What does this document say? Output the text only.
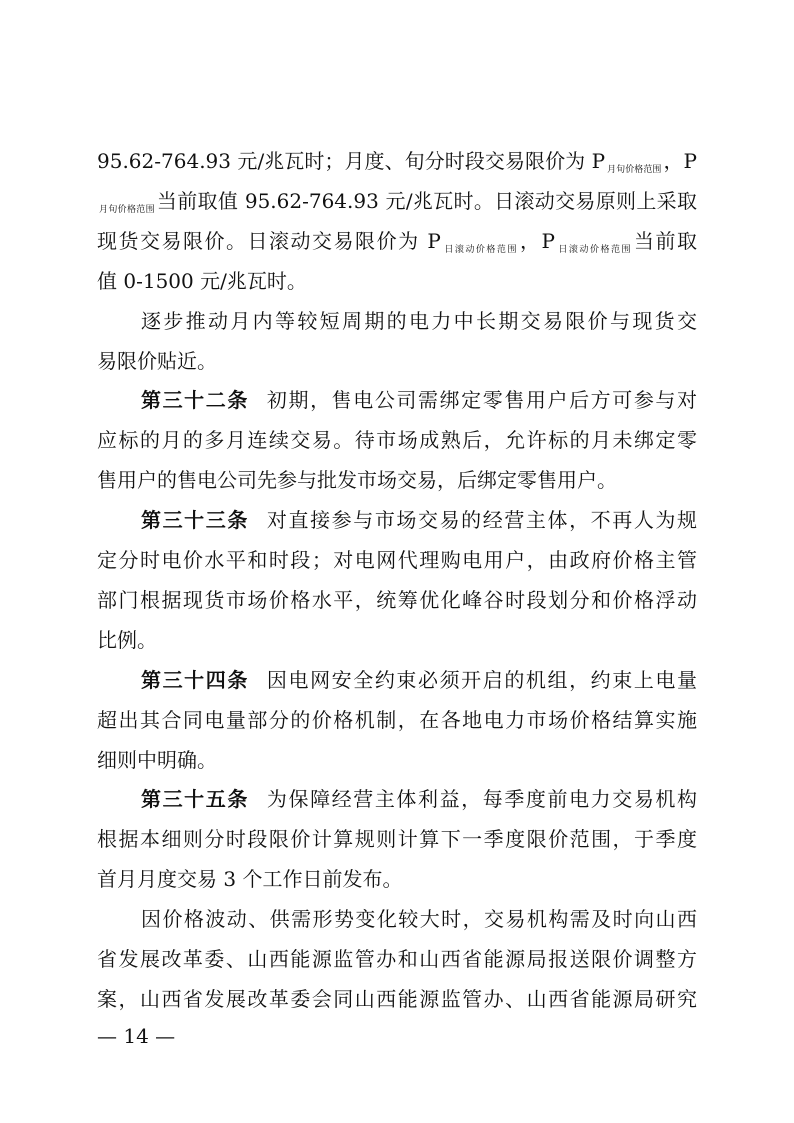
95.62-764.93 元/兆瓦时；月度、旬分时段交易限价为 P $_{月旬价格范围}$ ，P
$_{月旬价格范围}$ 当前取值 95.62-764.93 元/兆瓦时。日滚动交易原则上采取
现货交易限价。日滚动交易限价为 P $_{日滚动价格范围}$ ，P $_{日滚动价格范围}$ 当前取
值 0-1500 元/兆瓦时。
逐步推动月内等较短周期的电力中长期交易限价与现货交
易限价贴近。
第三十二条 初期，售电公司需绑定零售用户后方可参与对
应标的月的多月连续交易。待市场成熟后，允许标的月未绑定零
售用户的售电公司先参与批发市场交易，后绑定零售用户。
第三十三条 对直接参与市场交易的经营主体，不再人为规
定分时电价水平和时段；对电网代理购电用户，由政府价格主管
部门根据现货市场价格水平，统筹优化峰谷时段划分和价格浮动
比例。
第三十四条 因电网安全约束必须开启的机组，约束上电量
超出其合同电量部分的价格机制，在各地电力市场价格结算实施
细则中明确。
第三十五条 为保障经营主体利益，每季度前电力交易机构
根据本细则分时段限价计算规则计算下一季度限价范围，于季度
首月月度交易 3 个工作日前发布。
因价格波动、供需形势变化较大时，交易机构需及时向山西
省发展改革委、山西能源监管办和山西省能源局报送限价调整方
案，山西省发展改革委会同山西能源监管办、山西省能源局研究
— 14 —
